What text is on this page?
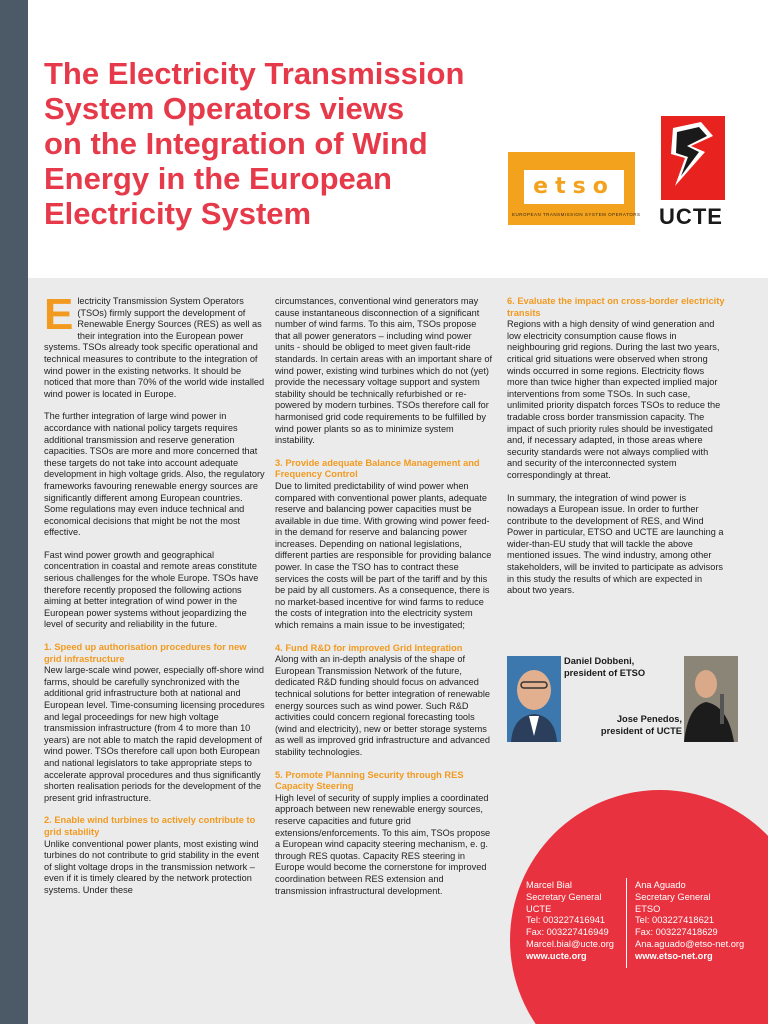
The Electricity Transmission
System Operators views
on the Integration of Wind
Energy in the European
Electricity System
etso
EUROPEAN TRANSMISSION SYSTEM OPERATORS UCTE

Electricity Transmission System Operators (TSOs) firmly support the development of Renewable Energy Sources (RES) as well as their integration into the European power systems. TSOs already took specific operational and technical measures to contribute to the integration of wind power in the existing networks. It should be noticed that more than 70% of the world wide installed wind power is located in Europe.

The further integration of large wind power in accordance with national policy targets requires additional transmission and reserve generation capacities. TSOs are more and more concerned that these targets do not take into account adequate development in high voltage grids. Also, the regulatory frameworks favouring renewable energy sources are significantly different among European countries. Some regulations may even induce technical and economical decisions that might be not the most effective.

Fast wind power growth and geographical concentration in coastal and remote areas constitute serious challenges for the whole Europe. TSOs have therefore recently proposed the following actions aiming at better integration of wind power in the European power systems without jeopardizing the level of security and reliability in the future.

1. Speed up authorisation procedures for new grid infrastructure

New large-scale wind power, especially off-shore wind farms, should be carefully synchronized with the additional grid infrastructure both at national and European level. Time-consuming licensing procedures and legal proceedings for new high voltage transmission infrastructure (from 4 to more than 10 years) are not able to match the rapid development of wind power. TSOs therefore call upon both European and national legislators to take appropriate steps to accelerate approval procedures and thus significantly shorten realisation periods for the development of the present grid infrastructure.

2. Enable wind turbines to actively contribute to grid stability

Unlike conventional power plants, most existing wind turbines do not contribute to grid stability in the event of slight voltage drops in the transmission network – even if it is timely cleared by the network protection systems. Under these

circumstances, conventional wind generators may cause instantaneous disconnection of a significant number of wind farms. To this aim, TSOs propose that all power generators – including wind power units - should be obliged to meet given fault-ride standards. In certain areas with an important share of wind power, existing wind turbines which do not (yet) provide the necessary voltage support and system stability should be technically refurbished or re-powered by modern turbines. TSOs therefore call for harmonised grid code requirements to be fulfilled by wind power plants so as to minimize system instability.

3. Provide adequate Balance Management and Frequency Control

Due to limited predictability of wind power when compared with conventional power plants, adequate reserve and balancing power capacities must be available in due time. With growing wind power feed-in the demand for reserve and balancing power increases. Depending on national legislations, different parties are responsible for providing balance power. In case the TSO has to contract these services the costs will be part of the tariff and by this be paid by all customers. As a consequence, there is no market-based incentive for wind farms to reduce the costs of integration into the electricity system which remains a main issue to be investigated;

4. Fund R&D for improved Grid Integration

Along with an in-depth analysis of the shape of European Transmission Network of the future, dedicated R&D funding should focus on advanced technical solutions for better integration of renewable energy sources such as wind power. Such R&D activities could concern regional forecasting tools (wind and electricity), new or better storage systems as well as improved grid infrastructure and advanced stability technologies.

5. Promote Planning Security through RES Capacity Steering

High level of security of supply implies a coordinated approach between new renewable energy sources, reserve capacities and future grid extensions/enforcements. To this aim, TSOs propose a European wind capacity steering mechanism, e. g. through RES quotas. Capacity RES steering in Europe would become the cornerstone for improved coordination between RES extension and transmission infrastructural development.

6. Evaluate the impact on cross-border electricity transits

Regions with a high density of wind generation and low electricity consumption cause flows in neighbouring grid regions. During the last two years, critical grid situations were observed when strong winds occurred in some regions. Electricity flows more than twice higher than expected implied major interventions from some TSOs. In such case, unlimited priority dispatch forces TSOs to reduce the tradable cross border transmission capacity. The impact of such priority rules should be investigated and, if necessary adapted, in those areas where security standards were not always complied with and security of the interconnected system correspondingly at threat.

In summary, the integration of wind power is nowadays a European issue. In order to further contribute to the development of RES, and Wind Power in particular, ETSO and UCTE are launching a wider-than-EU study that will tackle the above mentioned issues. The wind industry, among other stakeholders, will be invited to participate as advisors in this study the results of which are expected in about two years.

Daniel Dobbeni,
president of ETSO
Jose Penedos,
president of UCTE
Marcel Bial
Secretary General
UCTE
Tel: 003227416941
Fax: 003227416949
Marcel.bial@ucte.org
www.ucte.org
Ana Aguado
Secretary General
ETSO
Tel: 003227418621
Fax: 003227418629
Ana.aguado@etso-net.org
www.etso-net.org
